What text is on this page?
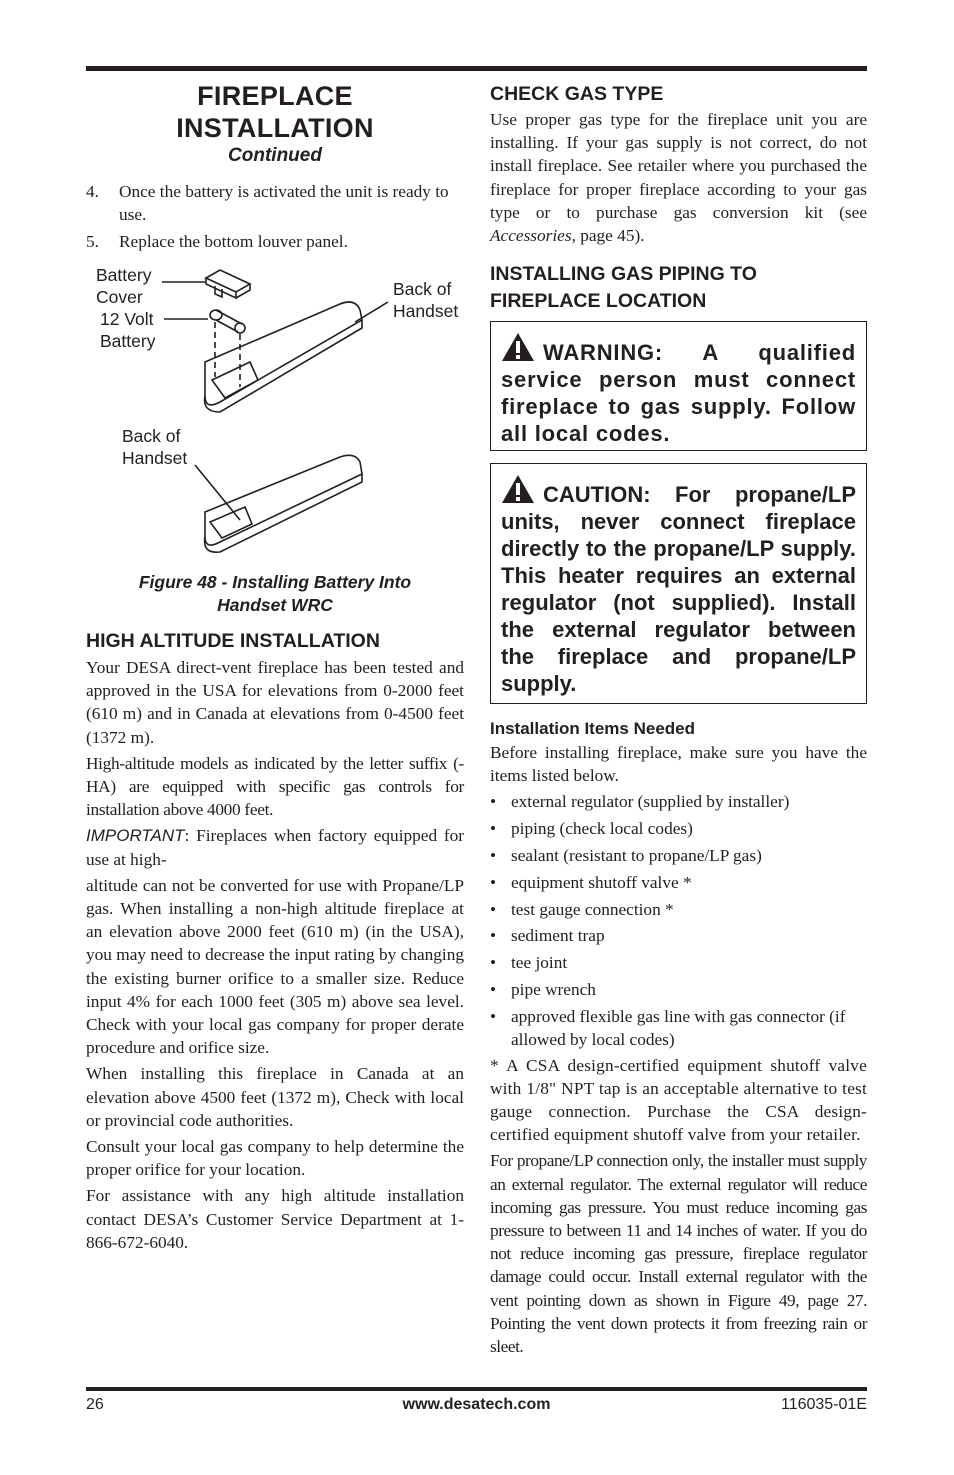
FIREPLACE
INSTALLATION
Continued
4. Once the battery is activated the unit is ready to use.
5. Replace the bottom louver panel.
Battery
Cover
12 Volt
Battery
Back of
Handset
Back of
Handset
Figure 48 - Installing Battery Into
Handset WRC
HIGH ALTITUDE INSTALLATION

Your DESA direct-vent fireplace has been tested and approved in the USA for elevations from 0-2000 feet (610 m) and in Canada at elevations from 0-4500 feet (1372 m).

High-altitude models as indicated by the letter suffix (-HA) are equipped with specific gas controls for installation above 4000 feet.

IMPORTANT: Fireplaces when factory equipped for use at high-

altitude can not be converted for use with Propane/LP gas. When installing a non-high altitude fireplace at an elevation above 2000 feet (610 m) (in the USA), you may need to decrease the input rating by changing the existing burner orifice to a smaller size. Reduce input 4% for each 1000 feet (305 m) above sea level. Check with your local gas company for proper derate procedure and orifice size.

When installing this fireplace in Canada at an elevation above 4500 feet (1372 m), Check with local or provincial code authorities.

Consult your local gas company to help determine the proper orifice for your location.

For assistance with any high altitude installation contact DESA’s Customer Service Department at 1-866-672-6040.

CHECK GAS TYPE

Use proper gas type for the fireplace unit you are installing. If your gas supply is not correct, do not install fireplace. See retailer where you purchased the fireplace for proper fireplace according to your gas type or to purchase gas conversion kit (see Accessories, page 45).

INSTALLING GAS PIPING TO
FIREPLACE LOCATION
WARNING: A qualified service person must connect fireplace to gas supply. Follow all local codes.
CAUTION: For propane/LP units, never connect fireplace directly to the propane/LP supply. This heater requires an external regulator (not supplied). Install the external regulator between the fireplace and propane/LP supply.
Installation Items Needed

Before installing fireplace, make sure you have the items listed below.

• external regulator (supplied by installer)
• piping (check local codes)
• sealant (resistant to propane/LP gas)
• equipment shutoff valve *
• test gauge connection *
• sediment trap
• tee joint
• pipe wrench
• approved flexible gas line with gas connector (if allowed by local codes)

* A CSA design-certified equipment shutoff valve with 1/8" NPT tap is an acceptable alternative to test gauge connection. Purchase the CSA design-certified equipment shutoff valve from your retailer.

For propane/LP connection only, the installer must supply an external regulator. The external regulator will reduce incoming gas pressure. You must reduce incoming gas pressure to between 11 and 14 inches of water. If you do not reduce incoming gas pressure, fireplace regulator damage could occur. Install external regulator with the vent pointing down as shown in Figure 49, page 27. Pointing the vent down protects it from freezing rain or sleet.

26	www.desatech.com	116035-01E
